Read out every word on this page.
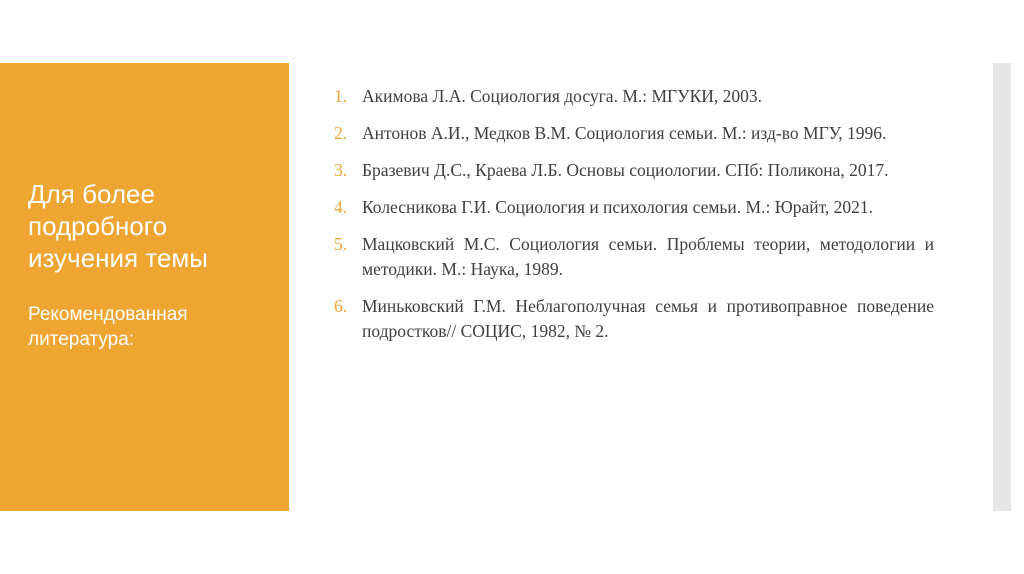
Для более подробного изучения темы

Рекомендованная литература:

1. Акимова Л.А. Социология досуга. М.: МГУКИ, 2003.
2. Антонов А.И., Медков В.М. Социология семьи. М.: изд-во МГУ, 1996.
3. Бразевич Д.С., Краева Л.Б. Основы социологии. СПб: Поликона, 2017.
4. Колесникова Г.И. Социология и психология семьи. М.: Юрайт, 2021.
5. Мацковский М.С. Социология семьи. Проблемы теории, методологии и методики. М.: Наука, 1989.
6. Миньковский Г.М. Неблагополучная семья и противоправное поведение подростков// СОЦИС, 1982, № 2.
